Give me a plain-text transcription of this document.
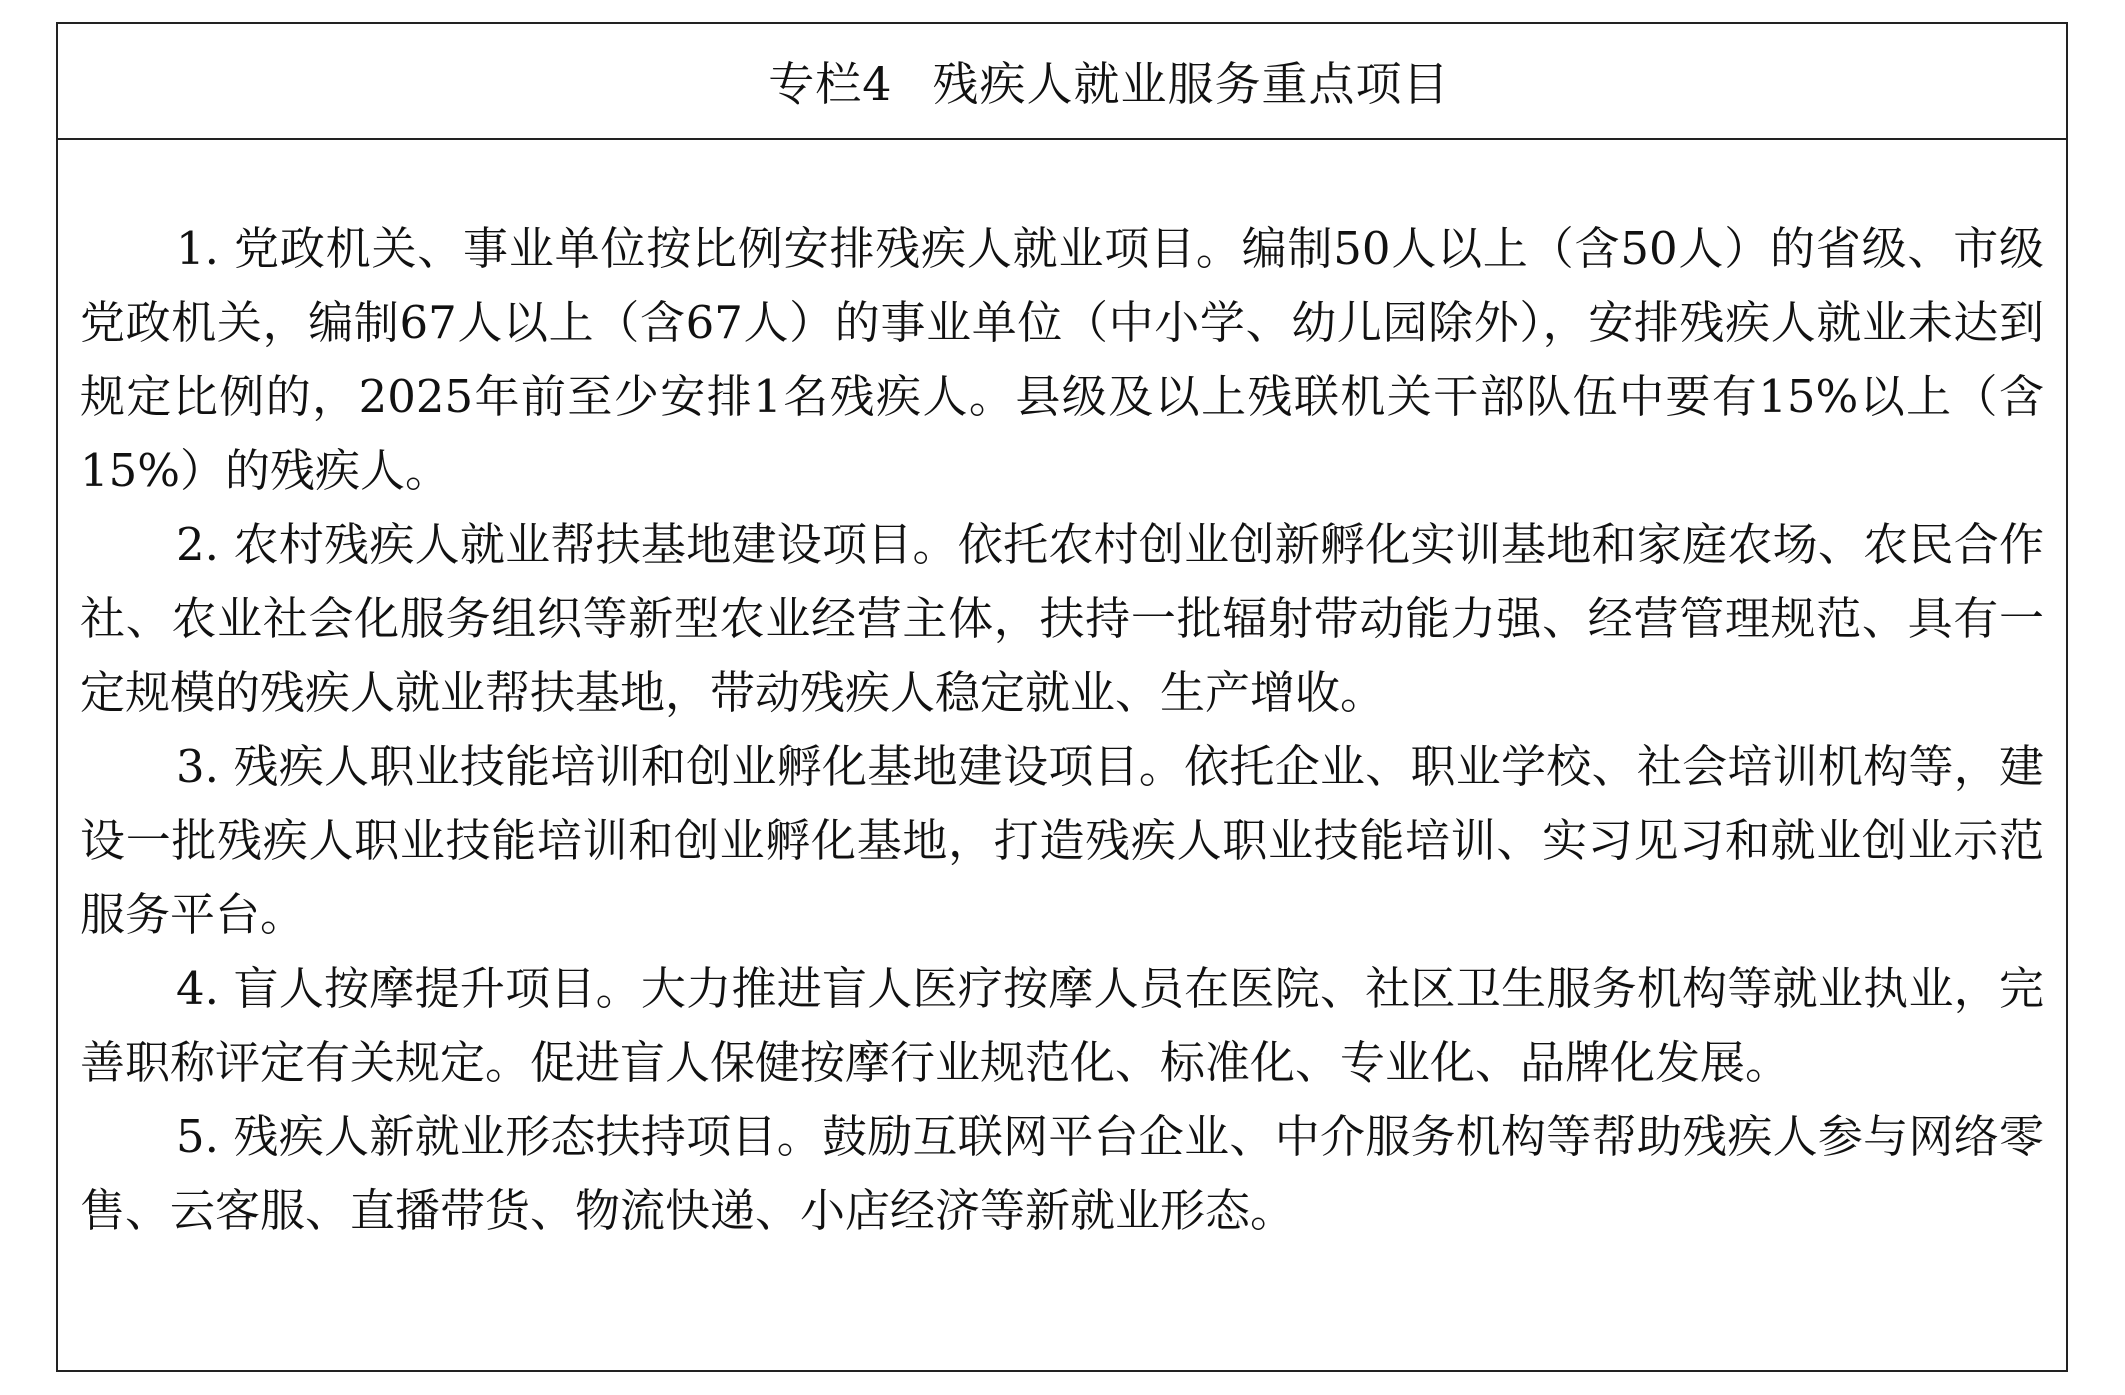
专栏4 残疾人就业服务重点项目

1. 党政机关、事业单位按比例安排残疾人就业项目。编制50人以上（含50人）的省级、市级党政机关，编制67人以上（含67人）的事业单位（中小学、幼儿园除外），安排残疾人就业未达到规定比例的，2025年前至少安排1名残疾人。县级及以上残联机关干部队伍中要有15%以上（含15%）的残疾人。

2. 农村残疾人就业帮扶基地建设项目。依托农村创业创新孵化实训基地和家庭农场、农民合作社、农业社会化服务组织等新型农业经营主体，扶持一批辐射带动能力强、经营管理规范、具有一定规模的残疾人就业帮扶基地，带动残疾人稳定就业、生产增收。

3. 残疾人职业技能培训和创业孵化基地建设项目。依托企业、职业学校、社会培训机构等，建设一批残疾人职业技能培训和创业孵化基地，打造残疾人职业技能培训、实习见习和就业创业示范服务平台。

4. 盲人按摩提升项目。大力推进盲人医疗按摩人员在医院、社区卫生服务机构等就业执业，完善职称评定有关规定。促进盲人保健按摩行业规范化、标准化、专业化、品牌化发展。

5. 残疾人新就业形态扶持项目。鼓励互联网平台企业、中介服务机构等帮助残疾人参与网络零售、云客服、直播带货、物流快递、小店经济等新就业形态。
